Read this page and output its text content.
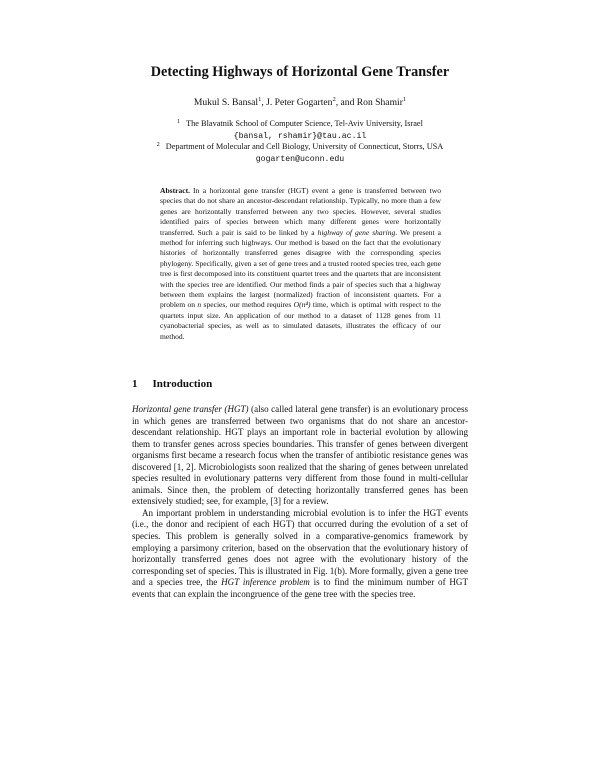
Detecting Highways of Horizontal Gene Transfer
Mukul S. Bansal$^1$, J. Peter Gogarten$^2$, and Ron Shamir$^1$
$^1$ The Blavatnik School of Computer Science, Tel-Aviv University, Israel
{bansal, rshamir}@tau.ac.il
$^2$ Department of Molecular and Cell Biology, University of Connecticut, Storrs, USA
gogarten@uconn.edu
Abstract. In a horizontal gene transfer (HGT) event a gene is transferred between two species that do not share an ancestor-descendant relationship. Typically, no more than a few genes are horizontally transferred between any two species. However, several studies identified pairs of species between which many different genes were horizontally transferred. Such a pair is said to be linked by a highway of gene sharing. We present a method for inferring such highways. Our method is based on the fact that the evolutionary histories of horizontally transferred genes disagree with the corresponding species phylogeny. Specifically, given a set of gene trees and a trusted rooted species tree, each gene tree is first decomposed into its constituent quartet trees and the quartets that are inconsistent with the species tree are identified. Our method finds a pair of species such that a highway between them explains the largest (normalized) fraction of inconsistent quartets. For a problem on n species, our method requires O(n⁴) time, which is optimal with respect to the quartets input size. An application of our method to a dataset of 1128 genes from 11 cyanobacterial species, as well as to simulated datasets, illustrates the efficacy of our method.
1 Introduction

Horizontal gene transfer (HGT) (also called lateral gene transfer) is an evolutionary process in which genes are transferred between two organisms that do not share an ancestor-descendant relationship. HGT plays an important role in bacterial evolution by allowing them to transfer genes across species boundaries. This transfer of genes between divergent organisms first became a research focus when the transfer of antibiotic resistance genes was discovered [1, 2]. Microbiologists soon realized that the sharing of genes between unrelated species resulted in evolutionary patterns very different from those found in multi-cellular animals. Since then, the problem of detecting horizontally transferred genes has been extensively studied; see, for example, [3] for a review.

An important problem in understanding microbial evolution is to infer the HGT events (i.e., the donor and recipient of each HGT) that occurred during the evolution of a set of species. This problem is generally solved in a comparative-genomics framework by employing a parsimony criterion, based on the observation that the evolutionary history of horizontally transferred genes does not agree with the evolutionary history of the corresponding set of species. This is illustrated in Fig. 1(b). More formally, given a gene tree and a species tree, the HGT inference problem is to find the minimum number of HGT events that can explain the incongruence of the gene tree with the species tree.
